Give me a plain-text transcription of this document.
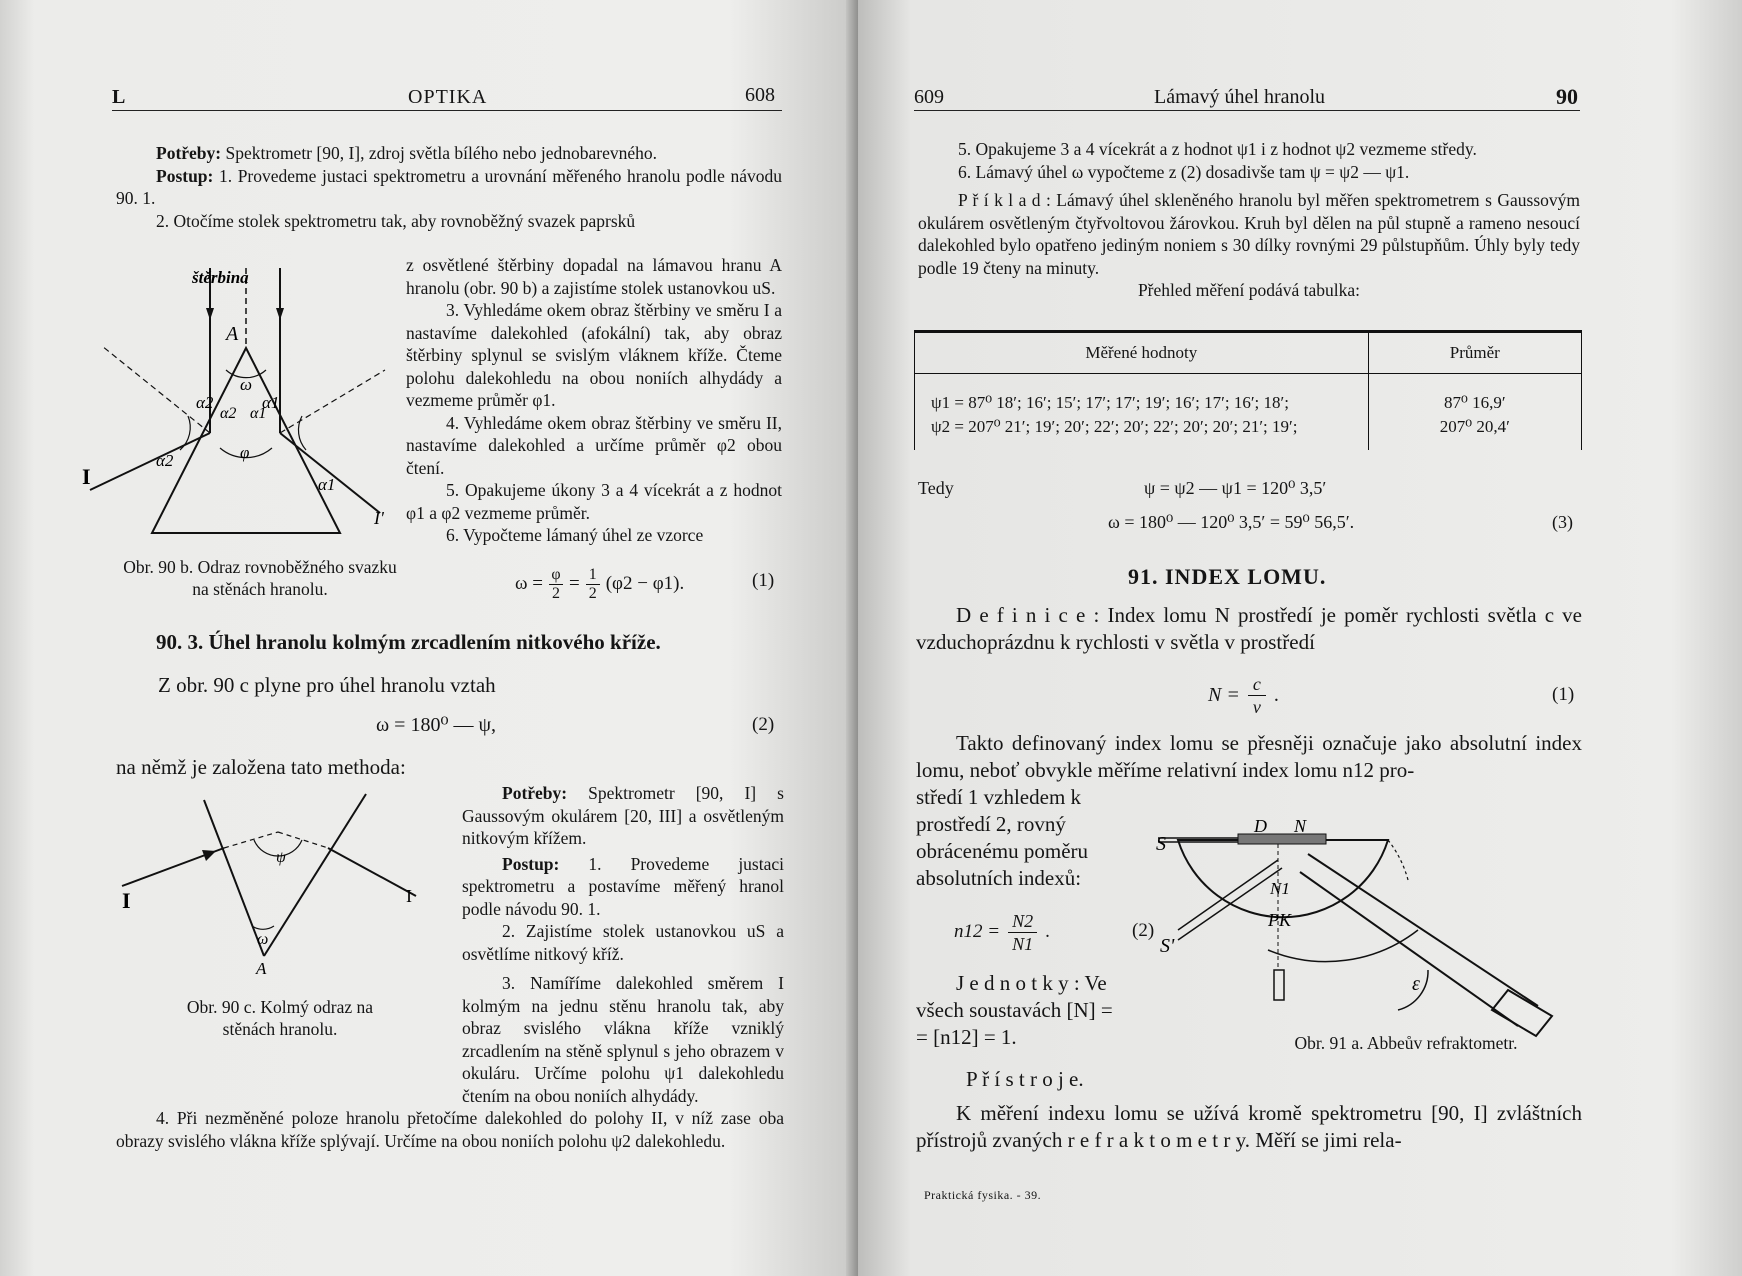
L	OPTIKA	608

Potřeby: Spektrometr [90, I], zdroj světla bílého nebo jednobarevného.

Postup: 1. Provedeme justaci spektrometru a urovnání měřeného hranolu podle návodu 90. 1.

2. Otočíme stolek spektrometru tak, aby rovnoběžný svazek paprsků

štěrbina
A
ω
α1
α2
α2 α1
φ
α2
α1
I
I'

z osvětlené štěrbiny dopadal na lámavou hranu A hranolu (obr. 90 b) a zajistíme stolek ustanovkou uS.

3. Vyhledáme okem obraz štěrbiny ve směru I a nastavíme dalekohled (afokální) tak, aby obraz štěrbiny splynul se svislým vláknem kříže. Čteme polohu dalekohledu na obou noniích alhydády a vezmeme průměr φ1.

4. Vyhledáme okem obraz štěrbiny ve směru II, nastavíme dalekohled a určíme průměr φ2 obou čtení.

5. Opakujeme úkony 3 a 4 vícekrát a z hodnot φ1 a φ2 vezmeme průměr.

6. Vypočteme lámaný úhel ze vzorce

Obr. 90 b. Odraz rovnoběžného svazku na stěnách hranolu.	$\omega = \frac{\varphi}{2} = \frac{1}{2} (\varphi 2 - \varphi 1)$.	(1)
90. 3. Úhel hranolu kolmým zrcadlením nitkového kříže.

Z obr. 90 c plyne pro úhel hranolu vztah

ω = 180⁰ — ψ,	(2)

na němž je založena tato methoda:

ψ
ω
A
I	I
Obr. 90 c. Kolmý odraz na stěnách hranolu.

Potřeby: Spektrometr [90, I] s Gaussovým okulárem [20, III] a osvětleným nitkovým křížem.

Postup: 1. Provedeme justaci spektrometru a postavíme měřený hranol podle návodu 90. 1.

2. Zajistíme stolek ustanovkou uS a osvětlíme nitkový kříž.

3. Namíříme dalekohled směrem I kolmým na jednu stěnu hranolu tak, aby obraz svislého vlákna kříže vzniklý zrcadlením na stěně splynul s jeho obrazem v okuláru. Určíme polohu ψ1 dalekohledu čtením na obou noniích alhydády.

4. Při nezměněné poloze hranolu přetočíme dalekohled do polohy II, v níž zase oba obrazy svislého vlákna kříže splývají. Určíme na obou noniích polohu ψ2 dalekohledu.

609	Lámavý úhel hranolu	90

5. Opakujeme 3 a 4 vícekrát a z hodnot ψ1 i z hodnot ψ2 vezmeme středy.

6. Lámavý úhel ω vypočteme z (2) dosadivše tam ψ = ψ2 — ψ1.

P ř í k l a d : Lámavý úhel skleněného hranolu byl měřen spektrometrem s Gaussovým okulárem osvětleným čtyřvoltovou žárovkou. Kruh byl dělen na půl stupně a rameno nesoucí dalekohled bylo opatřeno jediným noniem s 30 dílky rovnými 29 půlstupňům. Úhly byly tedy podle 19 čteny na minuty.

Přehled měření podává tabulka:

Měřené hodnoty	Průměr

ψ1 = 87⁰ 18′; 16′; 15′; 17′; 17′; 19′; 16′; 17′; 16′; 18′;	87⁰ 16,9′
ψ2 = 207⁰ 21′; 19′; 20′; 22′; 20′; 22′; 20′; 20′; 21′; 19′;	207⁰ 20,4′
Tedy	ψ = ψ2 — ψ1 = 120⁰ 3,5′
ω = 180⁰ — 120⁰ 3,5′ = 59⁰ 56,5′.	(3)
91. INDEX LOMU.

D e f i n i c e : Index lomu N prostředí je poměr rychlosti světla c ve vzduchoprázdnu k rychlosti v světla v prostředí

$N = \frac{c}{v}$ .	(1)

Takto definovaný index lomu se přesněji označuje jako absolutní index lomu, neboť obvykle měříme relativní index lomu n12 pro-

středí 1 vzhledem k prostředí 2, rovný obrácenému poměru absolutních indexů:

$n12 = \frac{N2}{N1}$ .	(2)

J e d n o t k y : Ve všech soustavách [N] = = [n12] = 1.

S
S'
D N
N1
PK
ε
Obr. 91 a. Abbeův refraktometr.

P ř í s t r o j e.

K měření indexu lomu se užívá kromě spektrometru [90, I] zvláštních přístrojů zvaných r e f r a k t o m e t r y. Měří se jimi rela-

Praktická fysika. - 39.
